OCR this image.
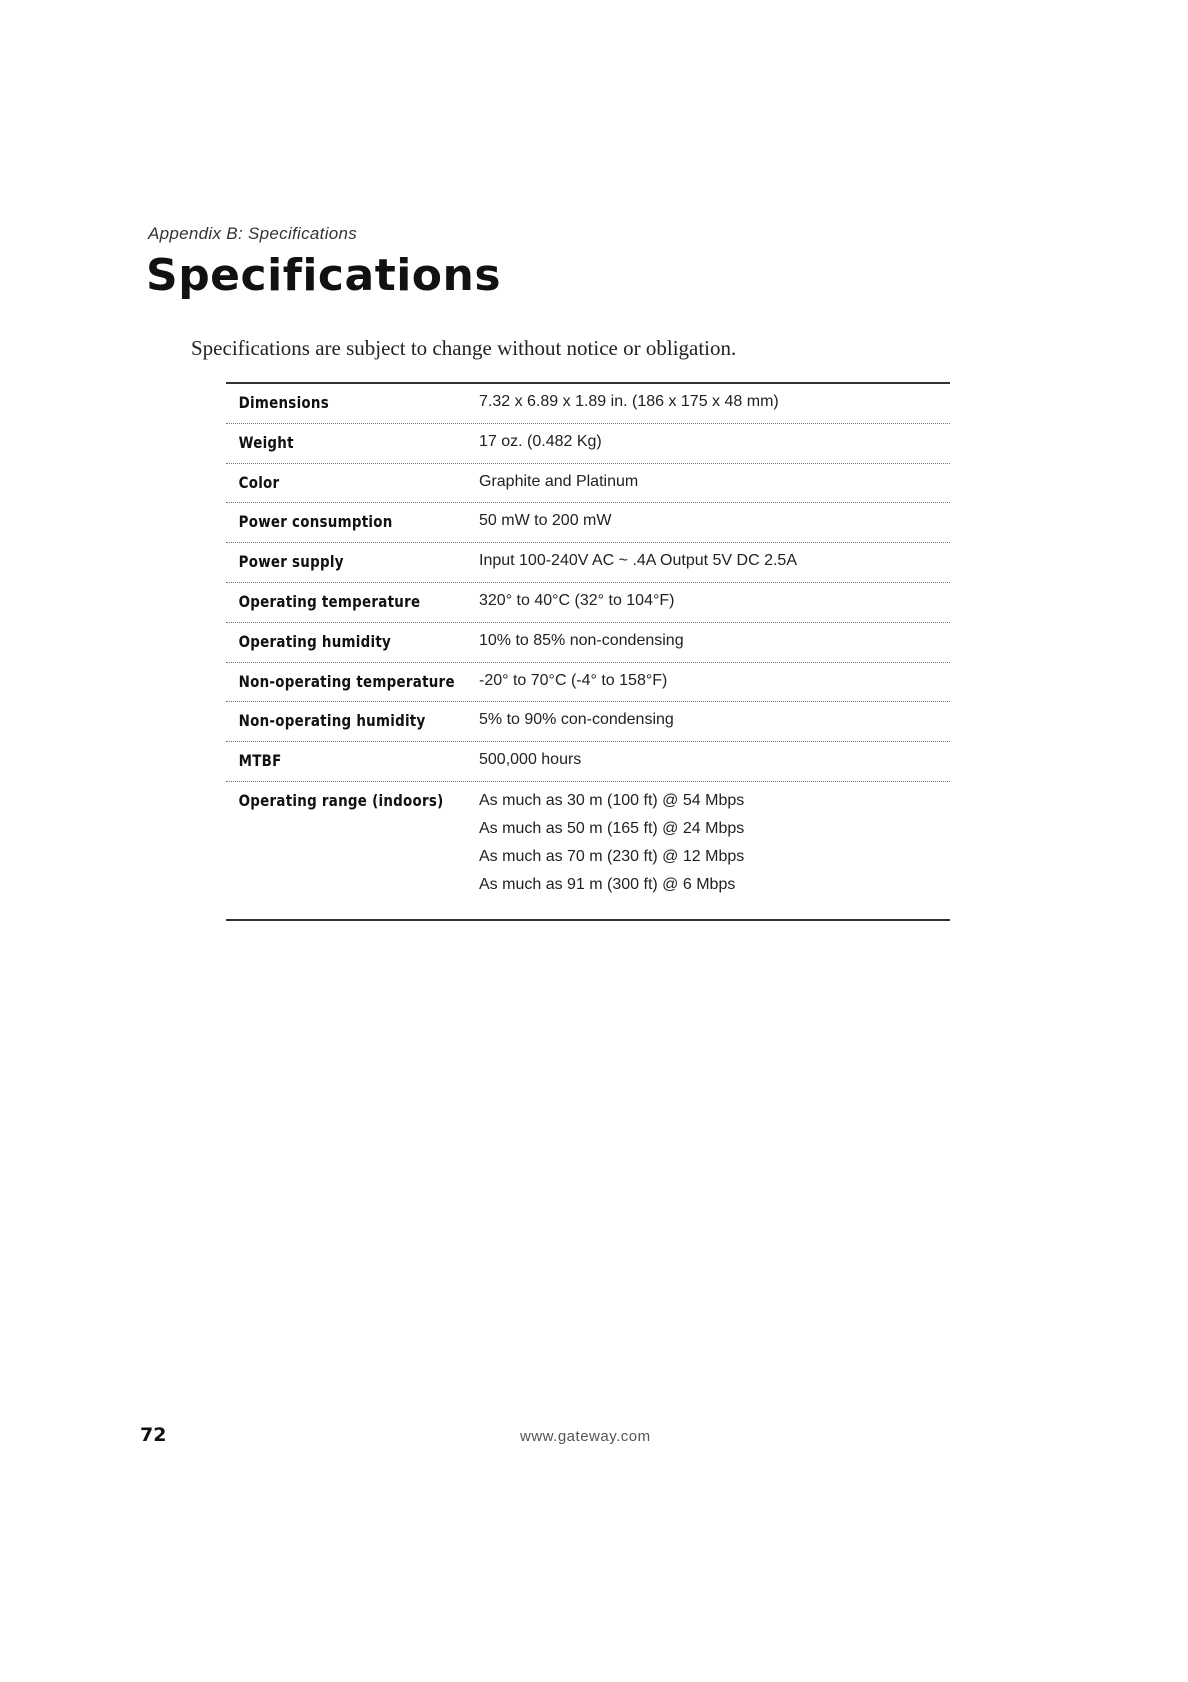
Appendix B: Specifications
Specifications

Specifications are subject to change without notice or obligation.

Dimensions	7.32 x 6.89 x 1.89 in. (186 x 175 x 48 mm)
Weight	17 oz. (0.482 Kg)
Color	Graphite and Platinum
Power consumption	50 mW to 200 mW
Power supply	Input 100-240V AC ~ .4A Output 5V DC 2.5A
Operating temperature	320° to 40°C (32° to 104°F)
Operating humidity	10% to 85% non-condensing
Non-operating temperature -20° to 70°C (-4° to 158°F)
Non-operating humidity	5% to 90% con-condensing
MTBF	500,000 hours
Operating range (indoors) As much as 30 m (100 ft) @ 54 Mbps
As much as 50 m (165 ft) @ 24 Mbps
As much as 70 m (230 ft) @ 12 Mbps
As much as 91 m (300 ft) @ 6 Mbps
72	www.gateway.com
